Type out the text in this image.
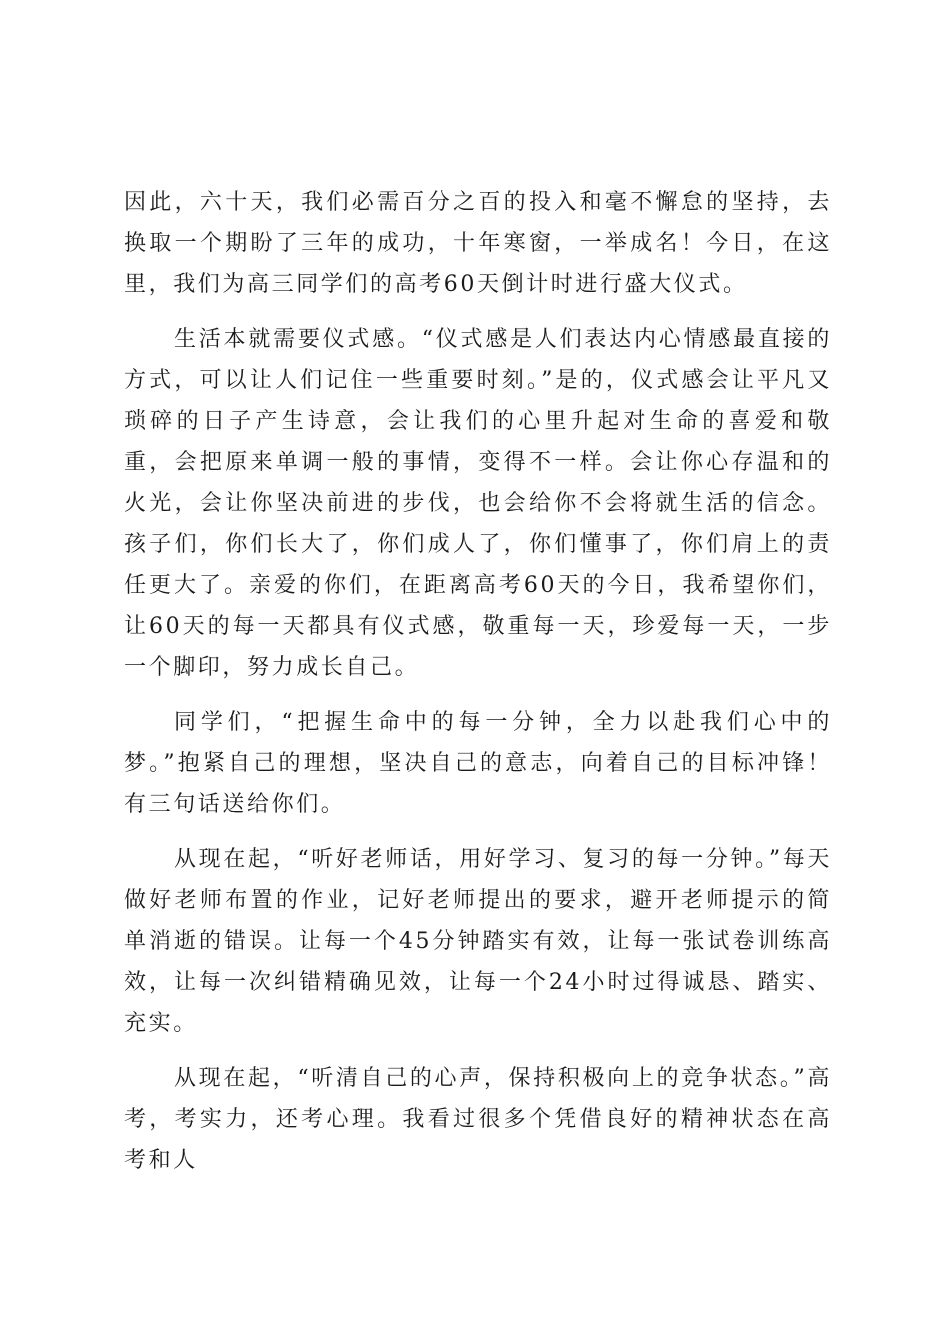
因此，六十天，我们必需百分之百的投入和毫不懈怠的坚持，去换取一个期盼了三年的成功，十年寒窗，一举成名！今日，在这里，我们为高三同学们的高考60天倒计时进行盛大仪式。

生活本就需要仪式感。“仪式感是人们表达内心情感最直接的方式，可以让人们记住一些重要时刻。”是的，仪式感会让平凡又琐碎的日子产生诗意，会让我们的心里升起对生命的喜爱和敬重，会把原来单调一般的事情，变得不一样。会让你心存温和的火光，会让你坚决前进的步伐，也会给你不会将就生活的信念。孩子们，你们长大了，你们成人了，你们懂事了，你们肩上的责任更大了。亲爱的你们，在距离高考60天的今日，我希望你们，让60天的每一天都具有仪式感，敬重每一天，珍爱每一天，一步一个脚印，努力成长自己。

同学们，“把握生命中的每一分钟，全力以赴我们心中的梦。”抱紧自己的理想，坚决自己的意志，向着自己的目标冲锋！有三句话送给你们。

从现在起，“听好老师话，用好学习、复习的每一分钟。”每天做好老师布置的作业，记好老师提出的要求，避开老师提示的简单消逝的错误。让每一个45分钟踏实有效，让每一张试卷训练高效，让每一次纠错精确见效，让每一个24小时过得诚恳、踏实、充实。

从现在起，“听清自己的心声，保持积极向上的竞争状态。”高考，考实力，还考心理。我看过很多个凭借良好的精神状态在高考和人
